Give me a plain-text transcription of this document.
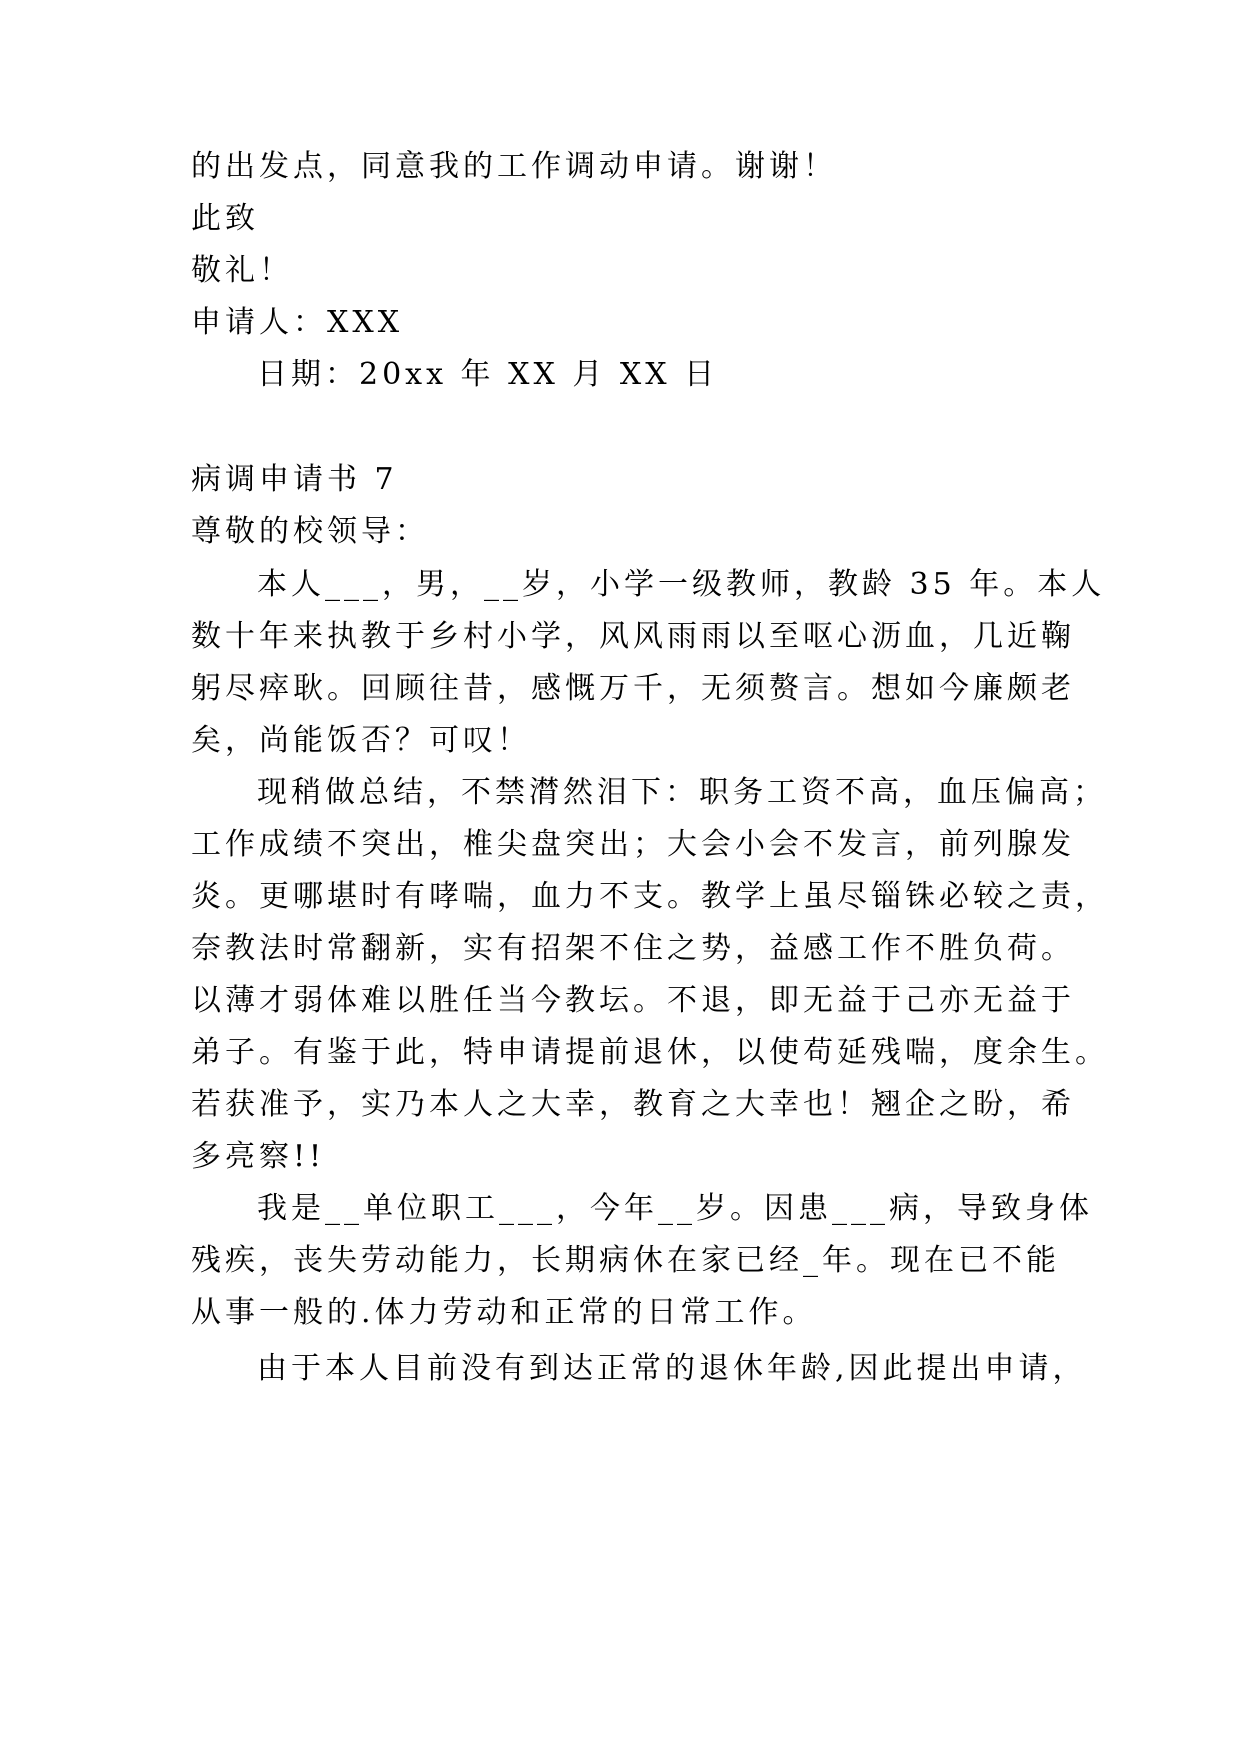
的出发点，同意我的工作调动申请。谢谢！
此致
敬礼！
申请人：XXX
日期：20xx 年 XX 月 XX 日
病调申请书 7
尊敬的校领导：
本人___，男，__岁，小学一级教师，教龄 35 年。本人
数十年来执教于乡村小学，风风雨雨以至呕心沥血，几近鞠
躬尽瘁耿。回顾往昔，感慨万千，无须赘言。想如今廉颇老
矣，尚能饭否？可叹！
现稍做总结，不禁潸然泪下：职务工资不高，血压偏高；
工作成绩不突出，椎尖盘突出；大会小会不发言，前列腺发
炎。更哪堪时有哮喘，血力不支。教学上虽尽锱铢必较之责，
奈教法时常翻新，实有招架不住之势，益感工作不胜负荷。
以薄才弱体难以胜任当今教坛。不退，即无益于己亦无益于
弟子。有鉴于此，特申请提前退休，以使苟延残喘，度余生。
若获准予，实乃本人之大幸，教育之大幸也！翘企之盼，希
多亮察!!
我是__单位职工___，今年__岁。因患___病，导致身体
残疾，丧失劳动能力，长期病休在家已经_年。现在已不能
从事一般的.体力劳动和正常的日常工作。
由于本人目前没有到达正常的退休年龄,因此提出申请，
